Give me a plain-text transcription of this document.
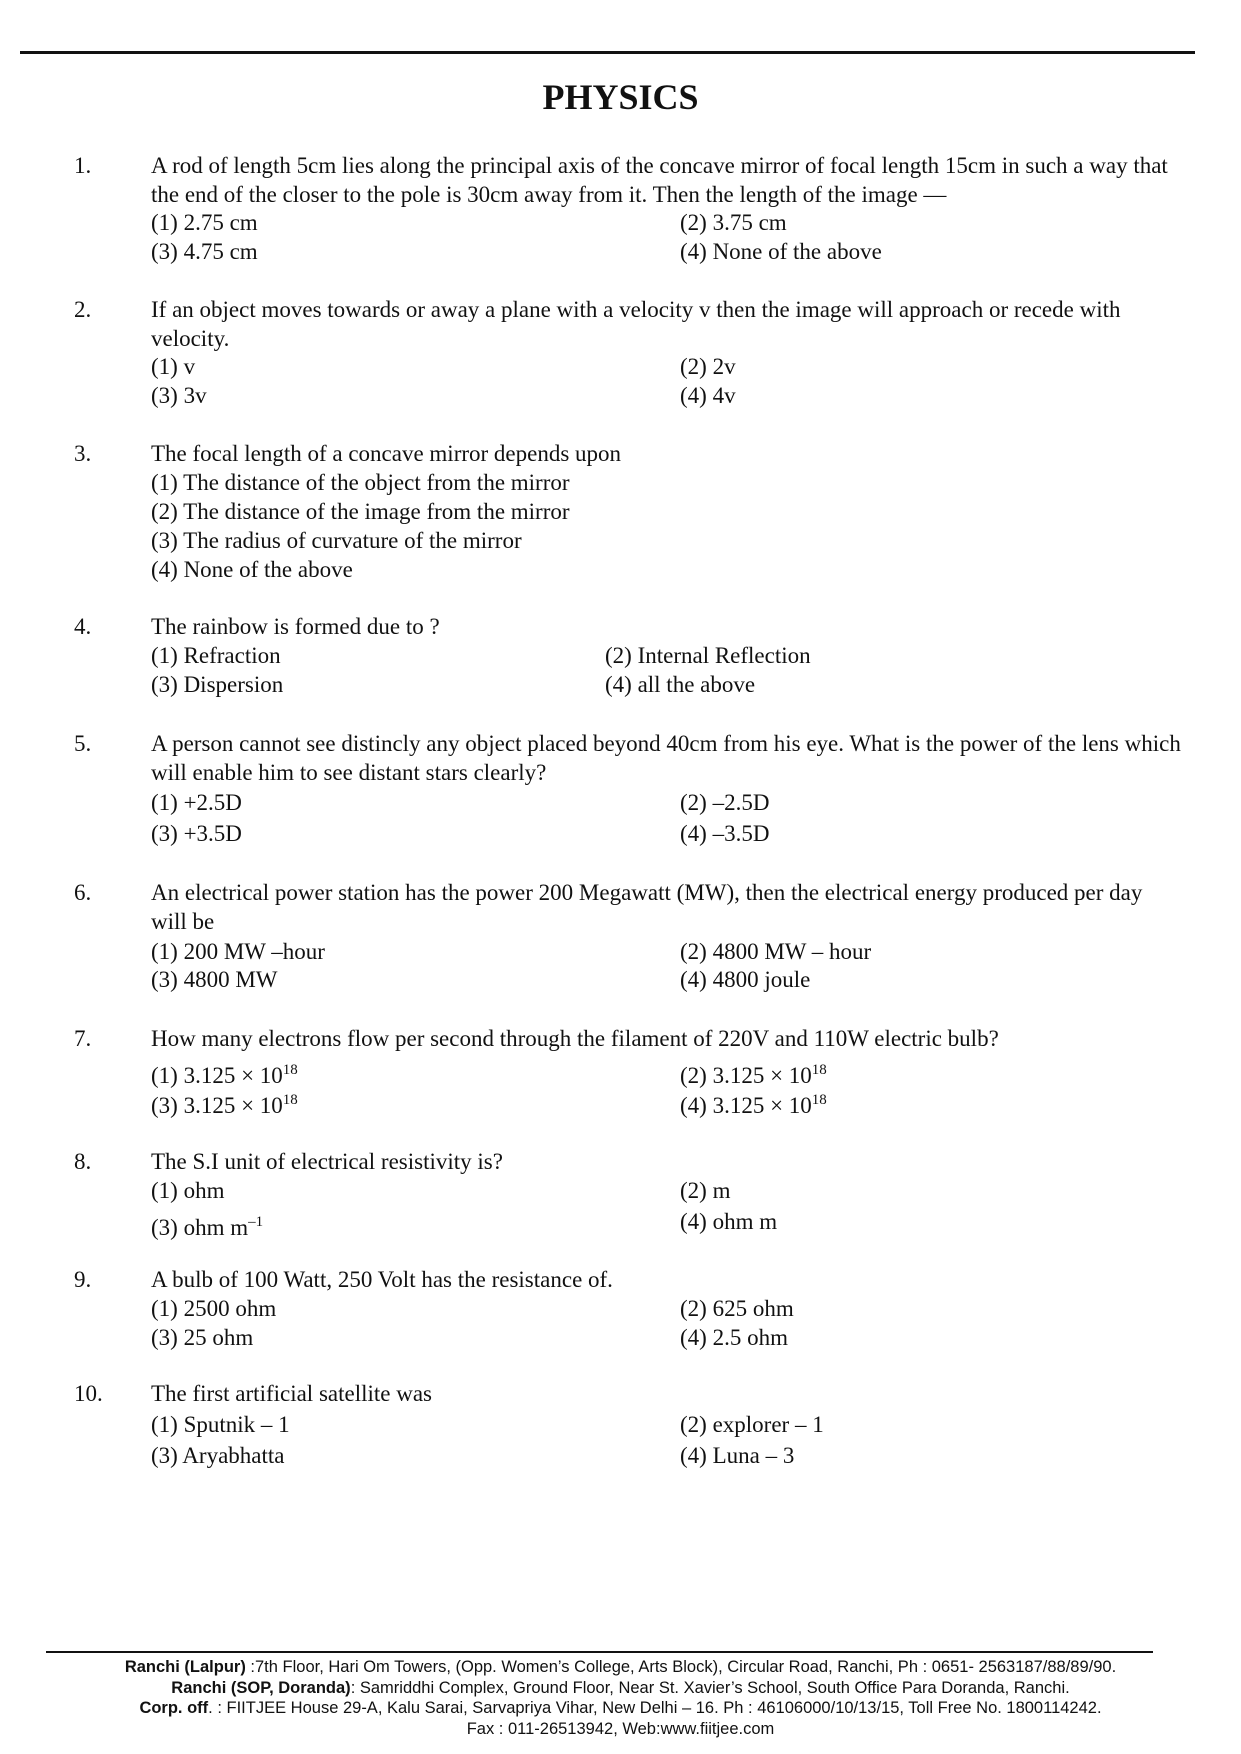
PHYSICS
1.	A rod of length 5cm lies along the principal axis of the concave mirror of focal length 15cm in such a way that the end of the closer to the pole is 30cm away from it. Then the length of the image —
(1) 2.75 cm	(2) 3.75 cm
(3) 4.75 cm	(4) None of the above
2.	If an object moves towards or away a plane with a velocity v then the image will approach or recede with velocity.
(1) v	(2) 2v
(3) 3v	(4) 4v
3.	The focal length of a concave mirror depends upon
(1) The distance of the object from the mirror
(2) The distance of the image from the mirror
(3) The radius of curvature of the mirror
(4) None of the above
4.	The rainbow is formed due to ?
(1) Refraction	(2) Internal Reflection
(3) Dispersion	(4) all the above
5.	A person cannot see distincly any object placed beyond 40cm from his eye. What is the power of the lens which will enable him to see distant stars clearly?
(1) +2.5D	(2) –2.5D
(3) +3.5D	(4) –3.5D
6.	An electrical power station has the power 200 Megawatt (MW), then the electrical energy produced per day will be
(1) 200 MW –hour	(2) 4800 MW – hour
(3) 4800 MW	(4) 4800 joule
7.	How many electrons flow per second through the filament of 220V and 110W electric bulb?
(1) $3.125 \times 10^{18}$	(2) $3.125 \times 10^{18}$
(3) $3.125 \times 10^{18}$	(4) $3.125 \times 10^{18}$
8.	The S.I unit of electrical resistivity is?
(1) ohm	(2) m
(3) ohm $m^{-1}$	(4) ohm m
9.	A bulb of 100 Watt, 250 Volt has the resistance of.
(1) 2500 ohm	(2) 625 ohm
(3) 25 ohm	(4) 2.5 ohm
10. The first artificial satellite was
(1) Sputnik – 1	(2) explorer – 1
(3) Aryabhatta	(4) Luna – 3
Ranchi (Lalpur) :7th Floor, Hari Om Towers, (Opp. Women’s College, Arts Block), Circular Road, Ranchi, Ph : 0651- 2563187/88/89/90.
Ranchi (SOP, Doranda): Samriddhi Complex, Ground Floor, Near St. Xavier’s School, South Office Para Doranda, Ranchi.
Corp. off. : FIITJEE House 29-A, Kalu Sarai, Sarvapriya Vihar, New Delhi – 16. Ph : 46106000/10/13/15, Toll Free No. 1800114242.
Fax : 011-26513942, Web:www.fiitjee.com
